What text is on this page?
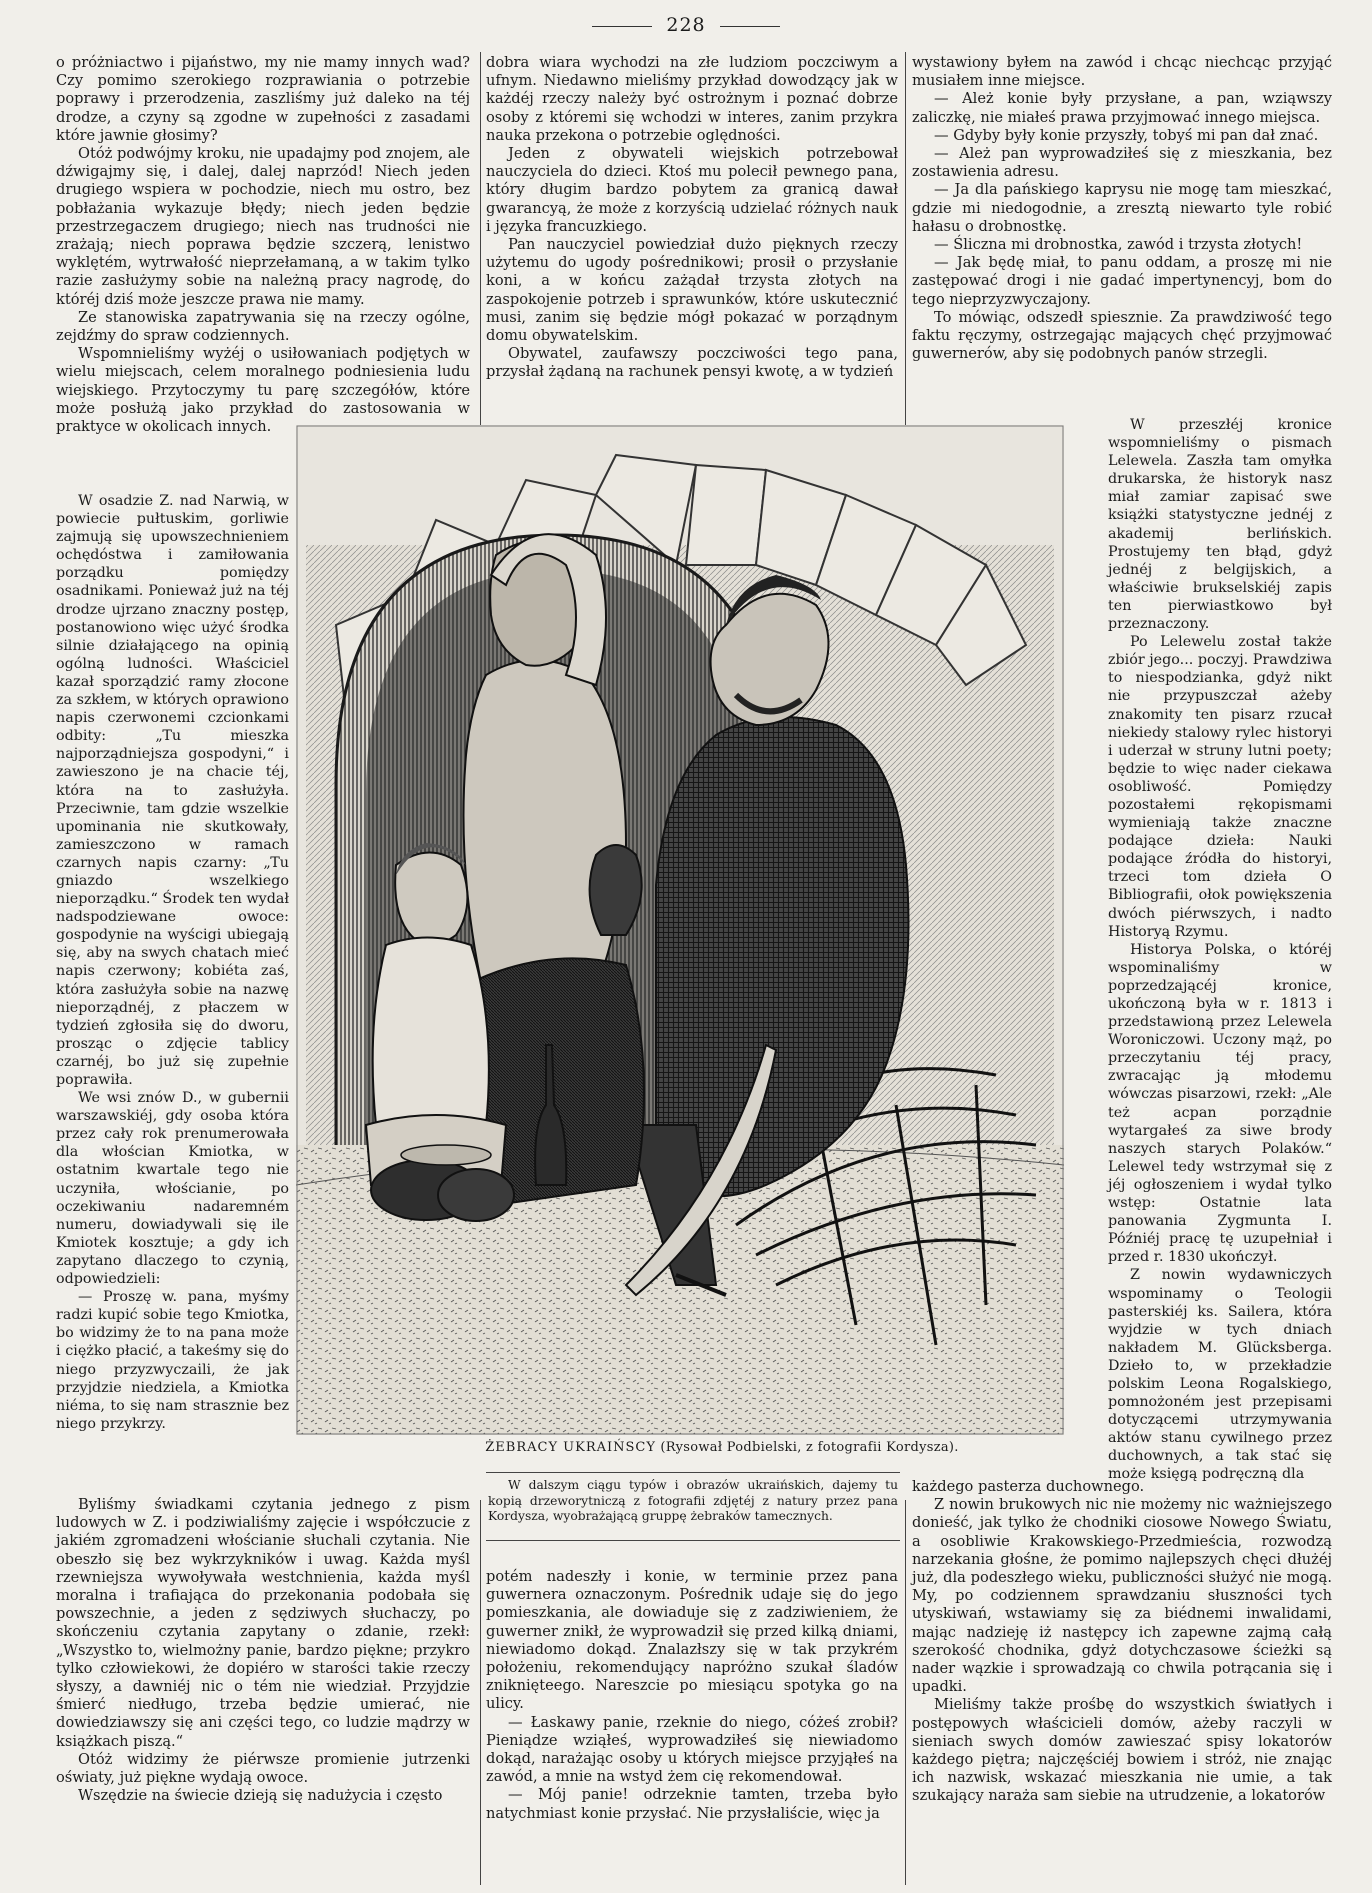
228

o próżniactwo i pijaństwo, my nie mamy innych wad? Czy pomimo szerokiego rozprawiania o potrzebie poprawy i przerodzenia, zaszliśmy już daleko na téj drodze, a czyny są zgodne w zupełności z zasadami które jawnie głosimy?

Otóż podwójmy kroku, nie upadajmy pod znojem, ale dźwigajmy się, i dalej, dalej naprzód! Niech jeden drugiego wspiera w pochodzie, niech mu ostro, bez pobłażania wykazuje błędy; niech jeden będzie przestrzegaczem drugiego; niech nas trudności nie zrażają; niech poprawa będzie szczerą, lenistwo wyklętém, wytrwałość nieprzełamaną, a w takim tylko razie zasłużymy sobie na należną pracy nagrodę, do któréj dziś może jeszcze prawa nie mamy.

Ze stanowiska zapatrywania się na rzeczy ogólne, zejdźmy do spraw codziennych.

Wspomnieliśmy wyżéj o usiłowaniach podjętych w wielu miejscach, celem moralnego podniesienia ludu wiejskiego. Przytoczymy tu parę szczegółów, które może posłużą jako przykład do zastosowania w praktyce w okolicach innych.

W osadzie Z. nad Narwią, w powiecie pułtuskim, gorliwie zajmują się upowszechnieniem ochędóstwa i zamiłowania porządku pomiędzy osadnikami. Ponieważ już na téj drodze ujrzano znaczny postęp, postanowiono więc użyć środka silnie działającego na opinią ogólną ludności. Właściciel kazał sporządzić ramy złocone za szkłem, w których oprawiono napis czerwonemi czcionkami odbity: „Tu mieszka najporządniejsza gospodyni,“ i zawieszono je na chacie téj, która na to zasłużyła. Przeciwnie, tam gdzie wszelkie upominania nie skutkowały, zamieszczono w ramach czarnych napis czarny: „Tu gniazdo wszelkiego nieporządku.“ Środek ten wydał nadspodziewane owoce: gospodynie na wyścigi ubiegają się, aby na swych chatach mieć napis czerwony; kobiéta zaś, która zasłużyła sobie na nazwę nieporządnéj, z płaczem w tydzień zgłosiła się do dworu, prosząc o zdjęcie tablicy czarnéj, bo już się zupełnie poprawiła.

We wsi znów D., w gubernii warszawskiéj, gdy osoba która przez cały rok prenumerowała dla włościan Kmiotka, w ostatnim kwartale tego nie uczyniła, włościanie, po oczekiwaniu nadaremném numeru, dowiadywali się ile Kmiotek kosztuje; a gdy ich zapytano dlaczego to czynią, odpowiedzieli:

— Proszę w. pana, myśmy radzi kupić sobie tego Kmiotka, bo widzimy że to na pana może i ciężko płacić, a takeśmy się do niego przyzwyczaili, że jak przyjdzie niedziela, a Kmiotka niéma, to się nam strasznie bez niego przykrzy.

Byliśmy świadkami czytania jednego z pism ludowych w Z. i podziwialiśmy zajęcie i współczucie z jakiém zgromadzeni włościanie słuchali czytania. Nie obeszło się bez wykrzykników i uwag. Każda myśl rzewniejsza wywoływała westchnienia, każda myśl moralna i trafiająca do przekonania podobała się powszechnie, a jeden z sędziwych słuchaczy, po skończeniu czytania zapytany o zdanie, rzekł: „Wszystko to, wielmożny panie, bardzo piękne; przykro tylko człowiekowi, że dopiéro w starości takie rzeczy słyszy, a dawniéj nic o tém nie wiedział. Przyjdzie śmierć niedługo, trzeba będzie umierać, nie dowiedziawszy się ani części tego, co ludzie mądrzy w książkach piszą.“

Otóż widzimy że piérwsze promienie jutrzenki oświaty, już piękne wydają owoce.

Wszędzie na świecie dzieją się nadużycia i często

dobra wiara wychodzi na złe ludziom poczciwym a ufnym. Niedawno mieliśmy przykład dowodzący jak w każdéj rzeczy należy być ostrożnym i poznać dobrze osoby z któremi się wchodzi w interes, zanim przykra nauka przekona o potrzebie oględności.

Jeden z obywateli wiejskich potrzebował nauczyciela do dzieci. Ktoś mu polecił pewnego pana, który długim bardzo pobytem za granicą dawał gwarancyą, że może z korzyścią udzielać różnych nauk i języka francuzkiego.

Pan nauczyciel powiedział dużo pięknych rzeczy użytemu do ugody pośrednikowi; prosił o przysłanie koni, a w końcu zażądał trzysta złotych na zaspokojenie potrzeb i sprawunków, które uskutecznić musi, zanim się będzie mógł pokazać w porządnym domu obywatelskim.

Obywatel, zaufawszy poczciwości tego pana, przysłał żądaną na rachunek pensyi kwotę, a w tydzień

wystawiony byłem na zawód i chcąc niechcąc przyjąć musiałem inne miejsce.

— Ależ konie były przysłane, a pan, wziąwszy zaliczkę, nie miałeś prawa przyjmować innego miejsca.

— Gdyby były konie przyszły, tobyś mi pan dał znać.

— Ależ pan wyprowadziłeś się z mieszkania, bez zostawienia adresu.

— Ja dla pańskiego kaprysu nie mogę tam mieszkać, gdzie mi niedogodnie, a zresztą niewarto tyle robić hałasu o drobnostkę.

— Śliczna mi drobnostka, zawód i trzysta złotych!

— Jak będę miał, to panu oddam, a proszę mi nie zastępować drogi i nie gadać impertynencyj, bom do tego nieprzyzwyczajony.

To mówiąc, odszedł spiesznie. Za prawdziwość tego faktu ręczymy, ostrzegając mających chęć przyjmować guwernerów, aby się podobnych panów strzegli.

W przeszłéj kronice wspomnieliśmy o pismach Lelewela. Zaszła tam omyłka drukarska, że historyk nasz miał zamiar zapisać swe książki statystyczne jednéj z akademij berlińskich. Prostujemy ten błąd, gdyż jednéj z belgijskich, a właściwie brukselskiéj zapis ten pierwiastkowo był przeznaczony.

Po Lelewelu został także zbiór jego... poczyj. Prawdziwa to niespodzianka, gdyż nikt nie przypuszczał ażeby znakomity ten pisarz rzucał niekiedy stalowy rylec historyi i uderzał w struny lutni poety; będzie to więc nader ciekawa osobliwość. Pomiędzy pozostałemi rękopismami wymieniają także znaczne podające dzieła: Nauki podające źródła do historyi, trzeci tom dzieła O Bibliografii, ołok powiększenia dwóch piérwszych, i nadto Historyą Rzymu.

Historya Polska, o któréj wspominaliśmy w poprzedzającéj kronice, ukończoną była w r. 1813 i przedstawioną przez Lelewela Woroniczowi. Uczony mąż, po przeczytaniu téj pracy, zwracając ją młodemu wówczas pisarzowi, rzekł: „Ale też acpan porządnie wytargałeś za siwe brody naszych starych Polaków.“ Lelewel tedy wstrzymał się z jéj ogłoszeniem i wydał tylko wstęp: Ostatnie lata panowania Zygmunta I. Późniéj pracę tę uzupełniał i przed r. 1830 ukończył.

Z nowin wydawniczych wspominamy o Teologii pasterskiéj ks. Sailera, która wyjdzie w tych dniach nakładem M. Glücksberga. Dzieło to, w przekładzie polskim Leona Rogalskiego, pomnożoném jest przepisami dotyczącemi utrzymywania aktów stanu cywilnego przez duchownych, a tak stać się może księgą podręczną dla

każdego pasterza duchownego.

Z nowin brukowych nic nie możemy nic ważniejszego donieść, jak tylko że chodniki ciosowe Nowego Światu, a osobliwie Krakowskiego-Przedmieścia, rozwodzą narzekania głośne, że pomimo najlepszych chęci dłużéj już, dla podeszłego wieku, publiczności służyć nie mogą. My, po codziennem sprawdzaniu słuszności tych utyskiwań, wstawiamy się za biédnemi inwalidami, mając nadzieję iż następcy ich zapewne zajmą całą szerokość chodnika, gdyż dotychczasowe ścieżki są nader wązkie i sprowadzają co chwila potrącania się i upadki.

Mieliśmy także prośbę do wszystkich światłych i postępowych właścicieli domów, ażeby raczyli w sieniach swych domów zawieszać spisy lokatorów każdego piętra; najczęściéj bowiem i stróż, nie znając ich nazwisk, wskazać mieszkania nie umie, a tak szukający naraża sam siebie na utrudzenie, a lokatorów

potém nadeszły i konie, w terminie przez pana guwernera oznaczonym. Pośrednik udaje się do jego pomieszkania, ale dowiaduje się z zadziwieniem, że guwerner znikł, że wyprowadził się przed kilką dniami, niewiadomo dokąd. Znalazłszy się w tak przykrém położeniu, rekomendujący napróżno szukał śladów zniknięteego. Nareszcie po miesiącu spotyka go na ulicy.

— Łaskawy panie, rzeknie do niego, cóżeś zrobił? Pieniądze wziąłeś, wyprowadziłeś się niewiadomo dokąd, narażając osoby u których miejsce przyjąłeś na zawód, a mnie na wstyd żem cię rekomendował.

— Mój panie! odrzeknie tamten, trzeba było natychmiast konie przysłać. Nie przysłaliście, więc ja

ŻEBRACY UKRAIŃSCY (Rysował Podbielski, z fotografii Kordysza).

W dalszym ciągu typów i obrazów ukraińskich, dajemy tu kopią drzeworytniczą z fotografii zdjętéj z natury przez pana Kordysza, wyobrażającą gruppę żebraków tamecznych.
